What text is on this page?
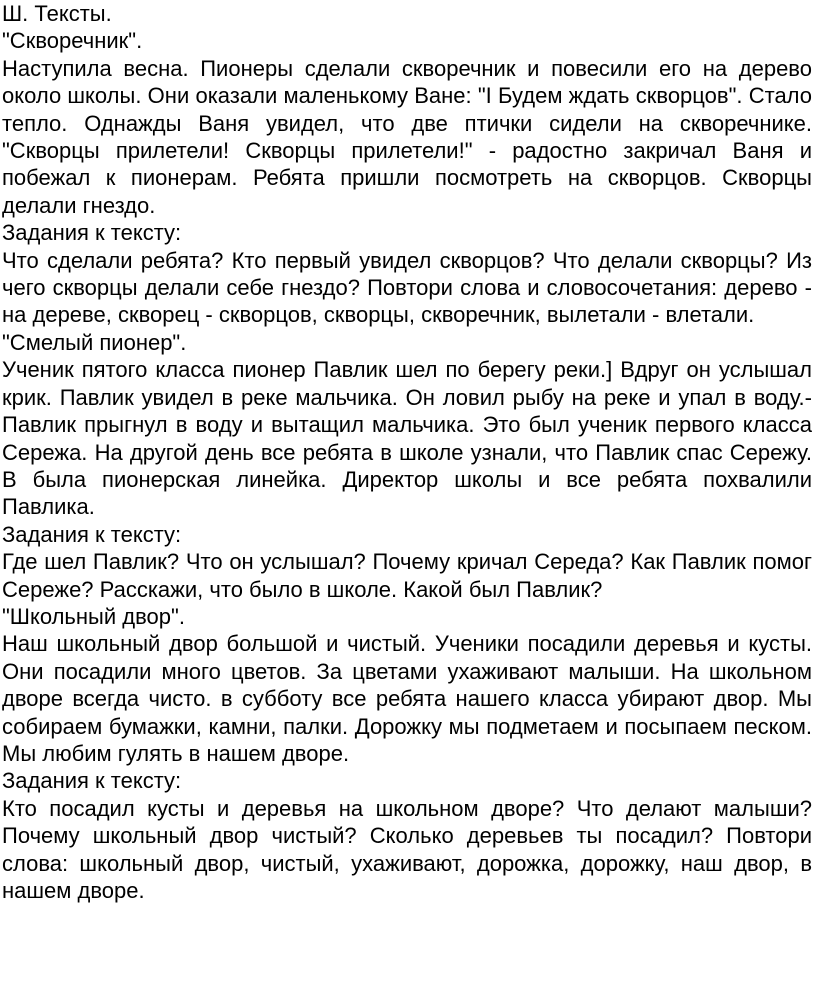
Ш. Тексты.
"Скворечник".

Наступила весна. Пионеры сделали скворечник и повесили его на дерево около школы. Они оказали маленькому Ване: "I Будем ждать скворцов". Стало тепло. Однажды Ваня увидел, что две птички сидели на скворечнике. "Скворцы прилетели! Скворцы прилетели!" - радостно закричал Ваня и побежал к пионерам. Ребята пришли посмотреть на скворцов. Скворцы делали гнездо.

Задания к тексту:

Что сделали ребята? Кто первый увидел скворцов? Что делали скворцы? Из чего скворцы делали себе гнездо? Повтори слова и словосочетания: дерево - на дереве, скворец - скворцов, скворцы, скворечник, вылетали - влетали.

"Смелый пионер".

Ученик пятого класса пионер Павлик шел по берегу реки.] Вдруг он услышал крик. Павлик увидел в реке мальчика. Он ловил рыбу на реке и упал в воду.- Павлик прыгнул в воду и вытащил мальчика. Это был ученик первого класса Сережа. На другой день все ребята в школе узнали, что Павлик спас Сережу. В была пионерская линейка. Директор школы и все ребята похвалили Павлика.

Задания к тексту:

Где шел Павлик? Что он услышал? Почему кричал Середа? Как Павлик помог Сереже? Расскажи, что было в школе. Какой был Павлик?

"Школьный двор".

Наш школьный двор большой и чистый. Ученики посадили деревья и кусты. Они посадили много цветов. За цветами ухаживают малыши. На школьном дворе всегда чисто. в субботу все ребята нашего класса убирают двор. Мы собираем бумажки, камни, палки. Дорожку мы подметаем и посыпаем песком. Мы любим гулять в нашем дворе.

Задания к тексту:

Кто посадил кусты и деревья на школьном дворе? Что делают малыши? Почему школьный двор чистый? Сколько деревьев ты посадил? Повтори слова: школьный двор, чистый, ухаживают, дорожка, дорожку, наш двор, в нашем дворе.
